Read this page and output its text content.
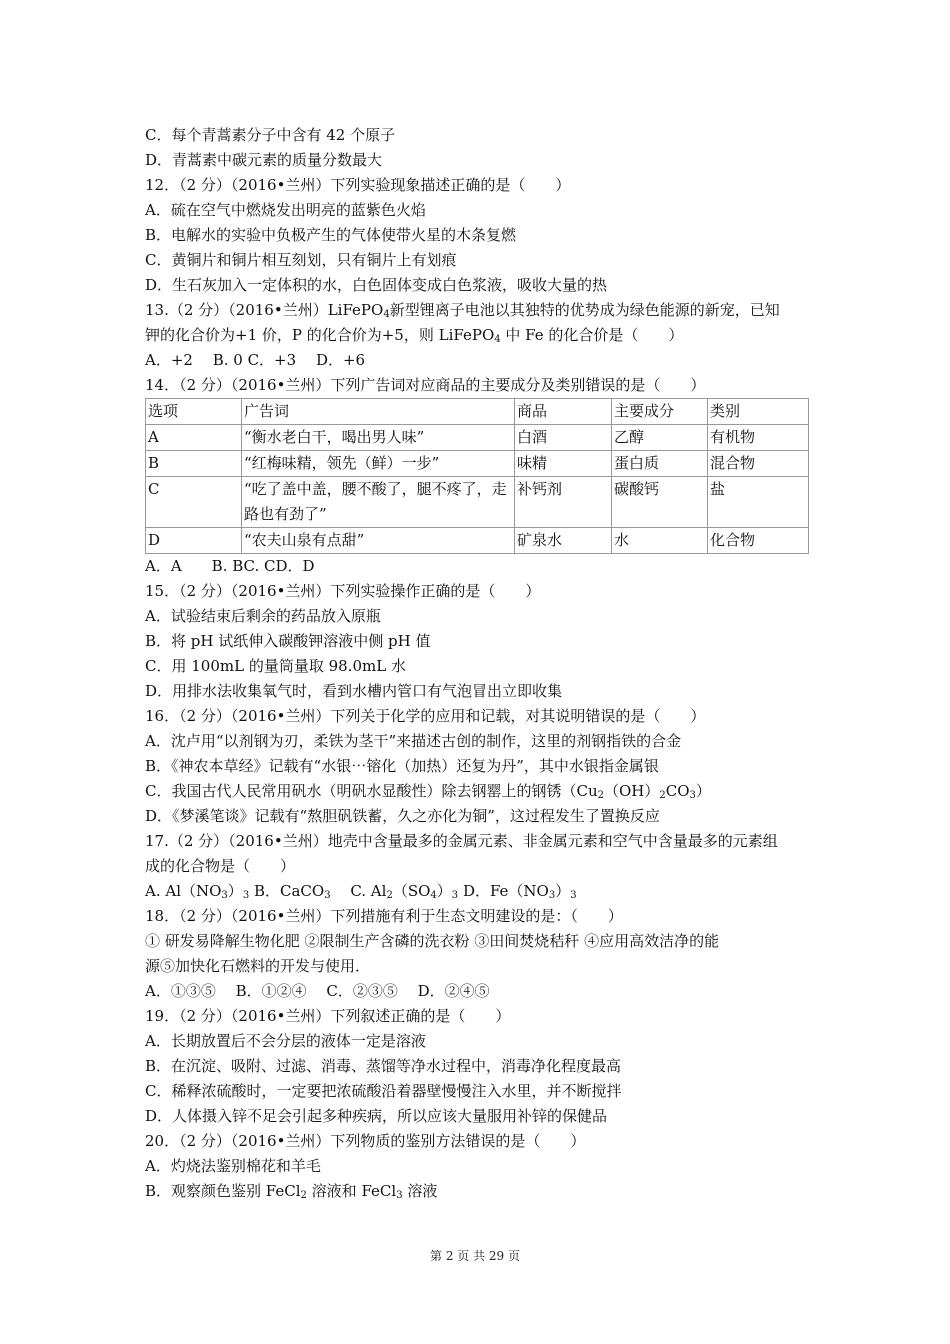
C．每个青蒿素分子中含有 42 个原子
D．青蒿素中碳元素的质量分数最大
12．（2 分）（2016•兰州）下列实验现象描述正确的是（　　）
A．硫在空气中燃烧发出明亮的蓝紫色火焰
B．电解水的实验中负极产生的气体使带火星的木条复燃
C．黄铜片和铜片相互刻划，只有铜片上有划痕
D．生石灰加入一定体积的水，白色固体变成白色浆液，吸收大量的热
13.（2 分）（2016•兰州）LiFePO$_4$新型锂离子电池以其独特的优势成为绿色能源的新宠，已知
钾的化合价为+1 价，P 的化合价为+5，则 LiFePO$_4$ 中 Fe 的化合价是（　　）
A．+2　 B. 0 C．+3　 D．+6
14．（2 分）（2016•兰州）下列广告词对应商品的主要成分及类别错误的是（　　）
选项	广告词	商品	主要成分	类别
A	“衡水老白干，喝出男人味”	白酒	乙醇	有机物
B	“红梅味精，领先（鲜）一步”	味精	蛋白质	混合物
C	“吃了盖中盖，腰不酸了，腿不疼了，走路也有劲了”	补钙剂	碳酸钙	盐
D	“农夫山泉有点甜”	矿泉水	水	化合物
A．A　　B. BC. CD．D
15．（2 分）（2016•兰州）下列实验操作正确的是（　　）
A．试验结束后剩余的药品放入原瓶
B．将 pH 试纸伸入碳酸钾溶液中侧 pH 值
C．用 100mL 的量筒量取 98.0mL 水
D．用排水法收集氧气时，看到水槽内管口有气泡冒出立即收集
16．（2 分）（2016•兰州）下列关于化学的应用和记载，对其说明错误的是（　　）
A．沈卢用“以剂钢为刃，柔铁为茎干”来描述古创的制作，这里的剂钢指铁的合金
B．《神农本草经》记载有“水银⋯镕化（加热）还复为丹”，其中水银指金属银
C．我国古代人民常用矾水（明矾水显酸性）除去钢罂上的钢锈$(Cu_2(OH)_2CO_3)$
D．《梦溪笔谈》记载有“熬胆矾铁蓄，久之亦化为铜”，这过程发生了置换反应
17.（2 分）（2016•兰州）地壳中含量最多的金属元素、非金属元素和空气中含量最多的元素组
成的化合物是（　　）
A. $Al(NO_3)_3$ B．CaCO$_3$　 C. $Al_2(SO_4)_3$ D．$Fe(NO_3)_3$
18．（2 分）（2016•兰州）下列措施有利于生态文明建设的是：（　　）
① 研发易降解生物化肥 ②限制生产含磷的洗衣粉 ③田间焚烧秸秆 ④应用高效洁净的能
源⑤加快化石燃料的开发与使用．
A．①③⑤　 B．①②④　 C．②③⑤　 D．②④⑤
19．（2 分）（2016•兰州）下列叙述正确的是（　　）
A．长期放置后不会分层的液体一定是溶液
B．在沉淀、吸附、过滤、消毒、蒸馏等净水过程中，消毒净化程度最高
C．稀释浓硫酸时，一定要把浓硫酸沿着器壁慢慢注入水里，并不断搅拌
D．人体摄入锌不足会引起多种疾病，所以应该大量服用补锌的保健品
20．（2 分）（2016•兰州）下列物质的鉴别方法错误的是（　　）
A．灼烧法鉴别棉花和羊毛
B．观察颜色鉴别 FeCl$_2$ 溶液和 FeCl$_3$ 溶液
第 2 页 共 29 页
